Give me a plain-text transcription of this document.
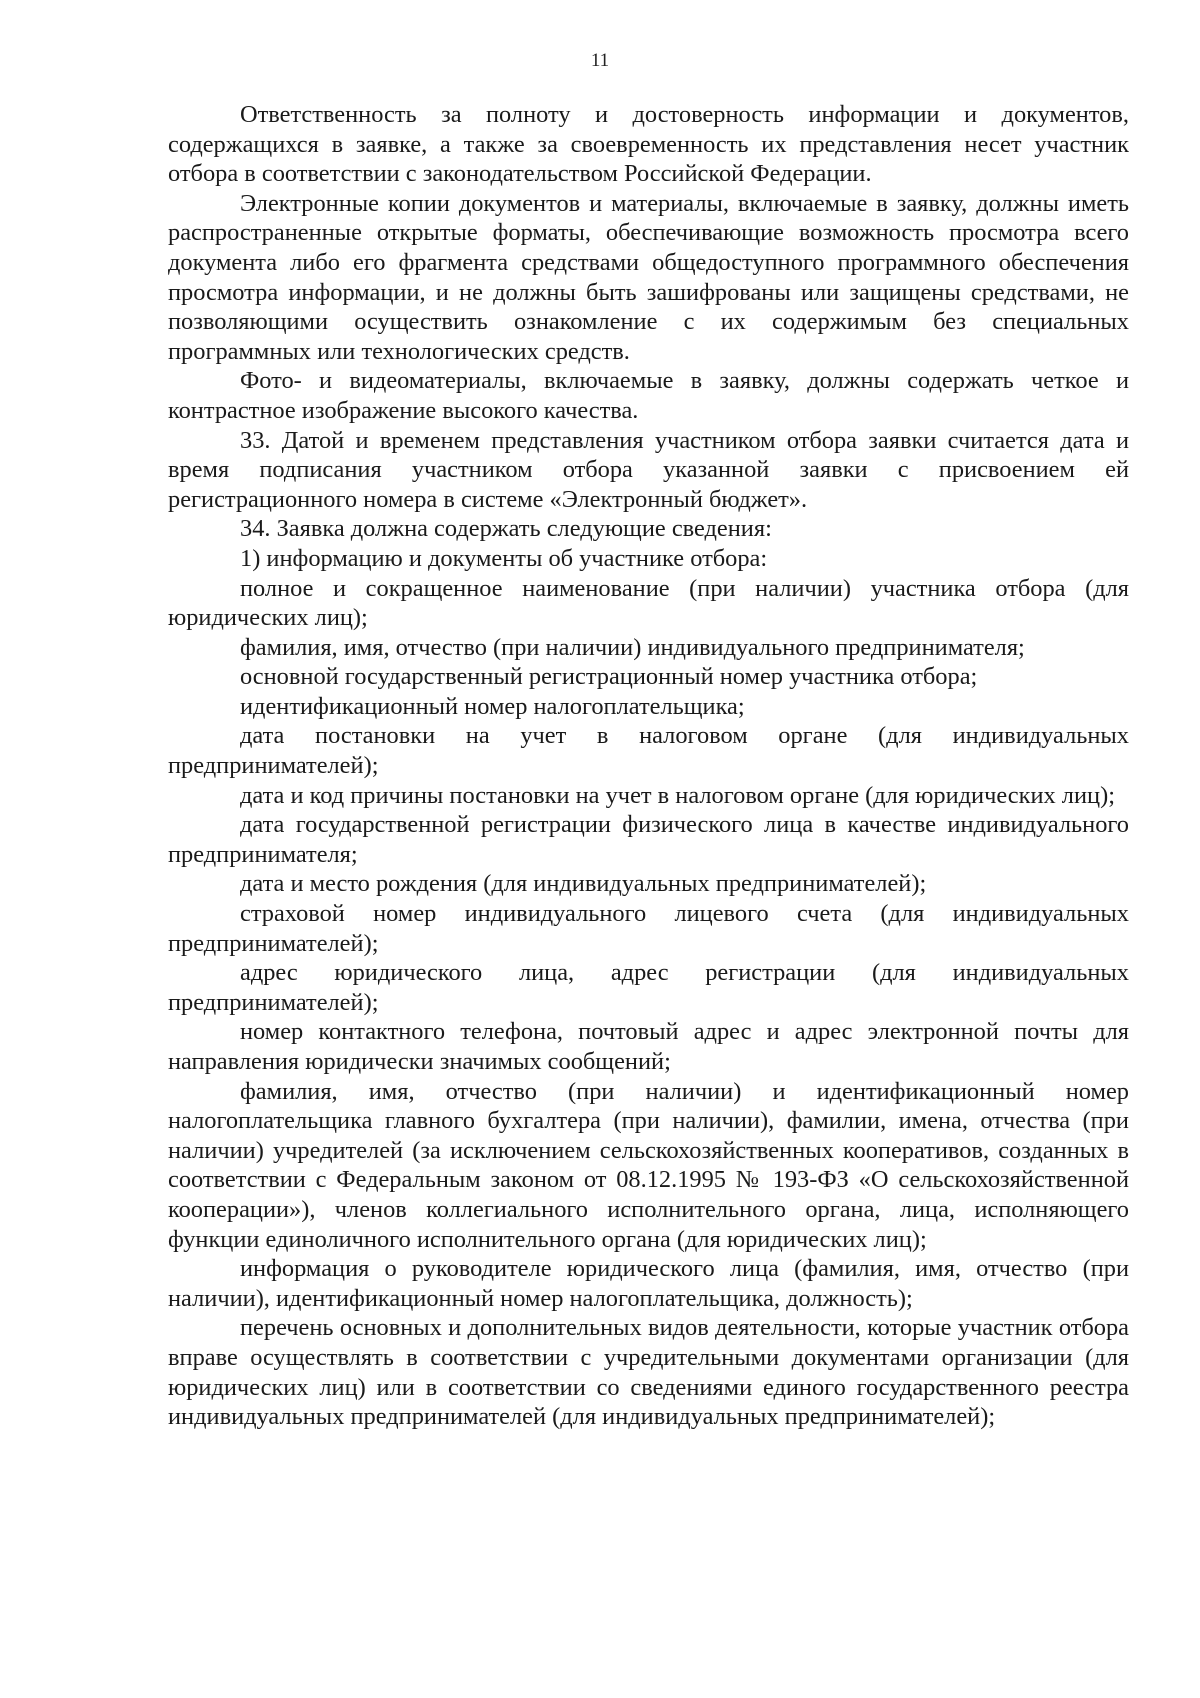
11

Ответственность за полноту и достоверность информации и документов, содержащихся в заявке, а также за своевременность их представления несет участник отбора в соответствии с законодательством Российской Федерации.

Электронные копии документов и материалы, включаемые в заявку, должны иметь распространенные открытые форматы, обеспечивающие возможность просмотра всего документа либо его фрагмента средствами общедоступного программного обеспечения просмотра информации, и не должны быть зашифрованы или защищены средствами, не позволяющими осуществить ознакомление с их содержимым без специальных программных или технологических средств.

Фото- и видеоматериалы, включаемые в заявку, должны содержать четкое и контрастное изображение высокого качества.

33. Датой и временем представления участником отбора заявки считается дата и время подписания участником отбора указанной заявки с присвоением ей регистрационного номера в системе «Электронный бюджет».

34. Заявка должна содержать следующие сведения:

1) информацию и документы об участнике отбора:

полное и сокращенное наименование (при наличии) участника отбора (для юридических лиц);

фамилия, имя, отчество (при наличии) индивидуального предпринимателя;

основной государственный регистрационный номер участника отбора;

идентификационный номер налогоплательщика;

дата постановки на учет в налоговом органе (для индивидуальных предпринимателей);

дата и код причины постановки на учет в налоговом органе (для юридических лиц);

дата государственной регистрации физического лица в качестве индивидуального предпринимателя;

дата и место рождения (для индивидуальных предпринимателей);

страховой номер индивидуального лицевого счета (для индивидуальных предпринимателей);

адрес юридического лица, адрес регистрации (для индивидуальных предпринимателей);

номер контактного телефона, почтовый адрес и адрес электронной почты для направления юридически значимых сообщений;

фамилия, имя, отчество (при наличии) и идентификационный номер налогоплательщика главного бухгалтера (при наличии), фамилии, имена, отчества (при наличии) учредителей (за исключением сельскохозяйственных кооперативов, созданных в соответствии с Федеральным законом от 08.12.1995 № 193-ФЗ «О сельскохозяйственной кооперации»), членов коллегиального исполнительного органа, лица, исполняющего функции единоличного исполнительного органа (для юридических лиц);

информация о руководителе юридического лица (фамилия, имя, отчество (при наличии), идентификационный номер налогоплательщика, должность);

перечень основных и дополнительных видов деятельности, которые участник отбора вправе осуществлять в соответствии с учредительными документами организации (для юридических лиц) или в соответствии со сведениями единого государственного реестра индивидуальных предпринимателей (для индивидуальных предпринимателей);
